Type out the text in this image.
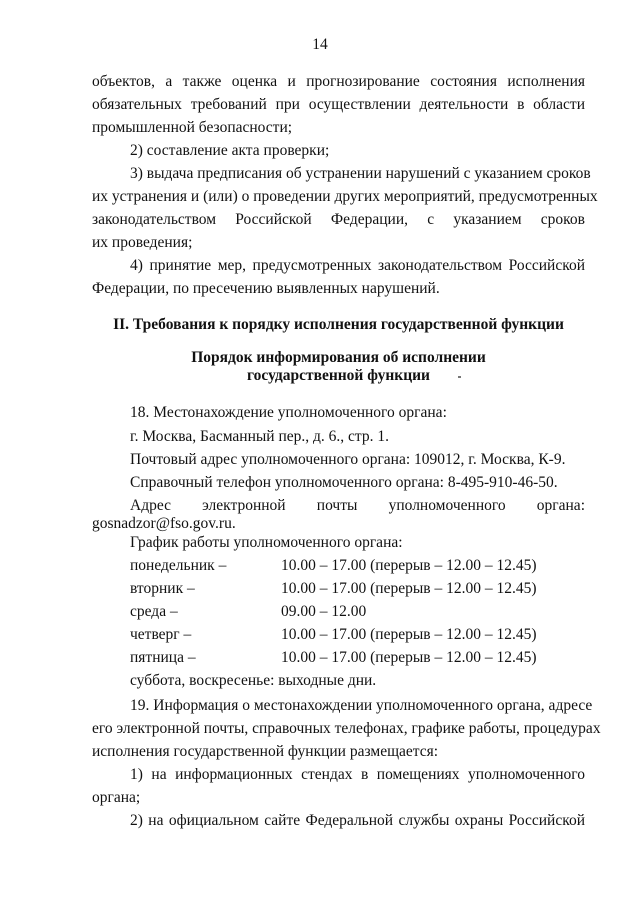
14
объектов, а также оценка и прогнозирование состояния исполнения
обязательных требований при осуществлении деятельности в области
промышленной безопасности;
2) составление акта проверки;
3) выдача предписания об устранении нарушений с указанием сроков
их устранения и (или) о проведении других мероприятий, предусмотренных
законодательством Российской Федерации, с указанием сроков
их проведения;
4) принятие мер, предусмотренных законодательством Российской
Федерации, по пресечению выявленных нарушений.
II. Требования к порядку исполнения государственной функции
Порядок информирования об исполнении
государственной функции
18. Местонахождение уполномоченного органа:
г. Москва, Басманный пер., д. 6., стр. 1.
Почтовый адрес уполномоченного органа: 109012, г. Москва, К-9.
Справочный телефон уполномоченного органа: 8-495-910-46-50.
Адрес электронной почты уполномоченного органа:
gosnadzor@fso.gov.ru.
График работы уполномоченного органа:
понедельник –	10.00 – 17.00 (перерыв – 12.00 – 12.45)
вторник –	10.00 – 17.00 (перерыв – 12.00 – 12.45)
среда –	09.00 – 12.00
четверг –	10.00 – 17.00 (перерыв – 12.00 – 12.45)
пятница –	10.00 – 17.00 (перерыв – 12.00 – 12.45)
суббота, воскресенье: выходные дни.
19. Информация о местонахождении уполномоченного органа, адресе
его электронной почты, справочных телефонах, графике работы, процедурах
исполнения государственной функции размещается:
1) на информационных стендах в помещениях уполномоченного
органа;
2) на официальном сайте Федеральной службы охраны Российской
